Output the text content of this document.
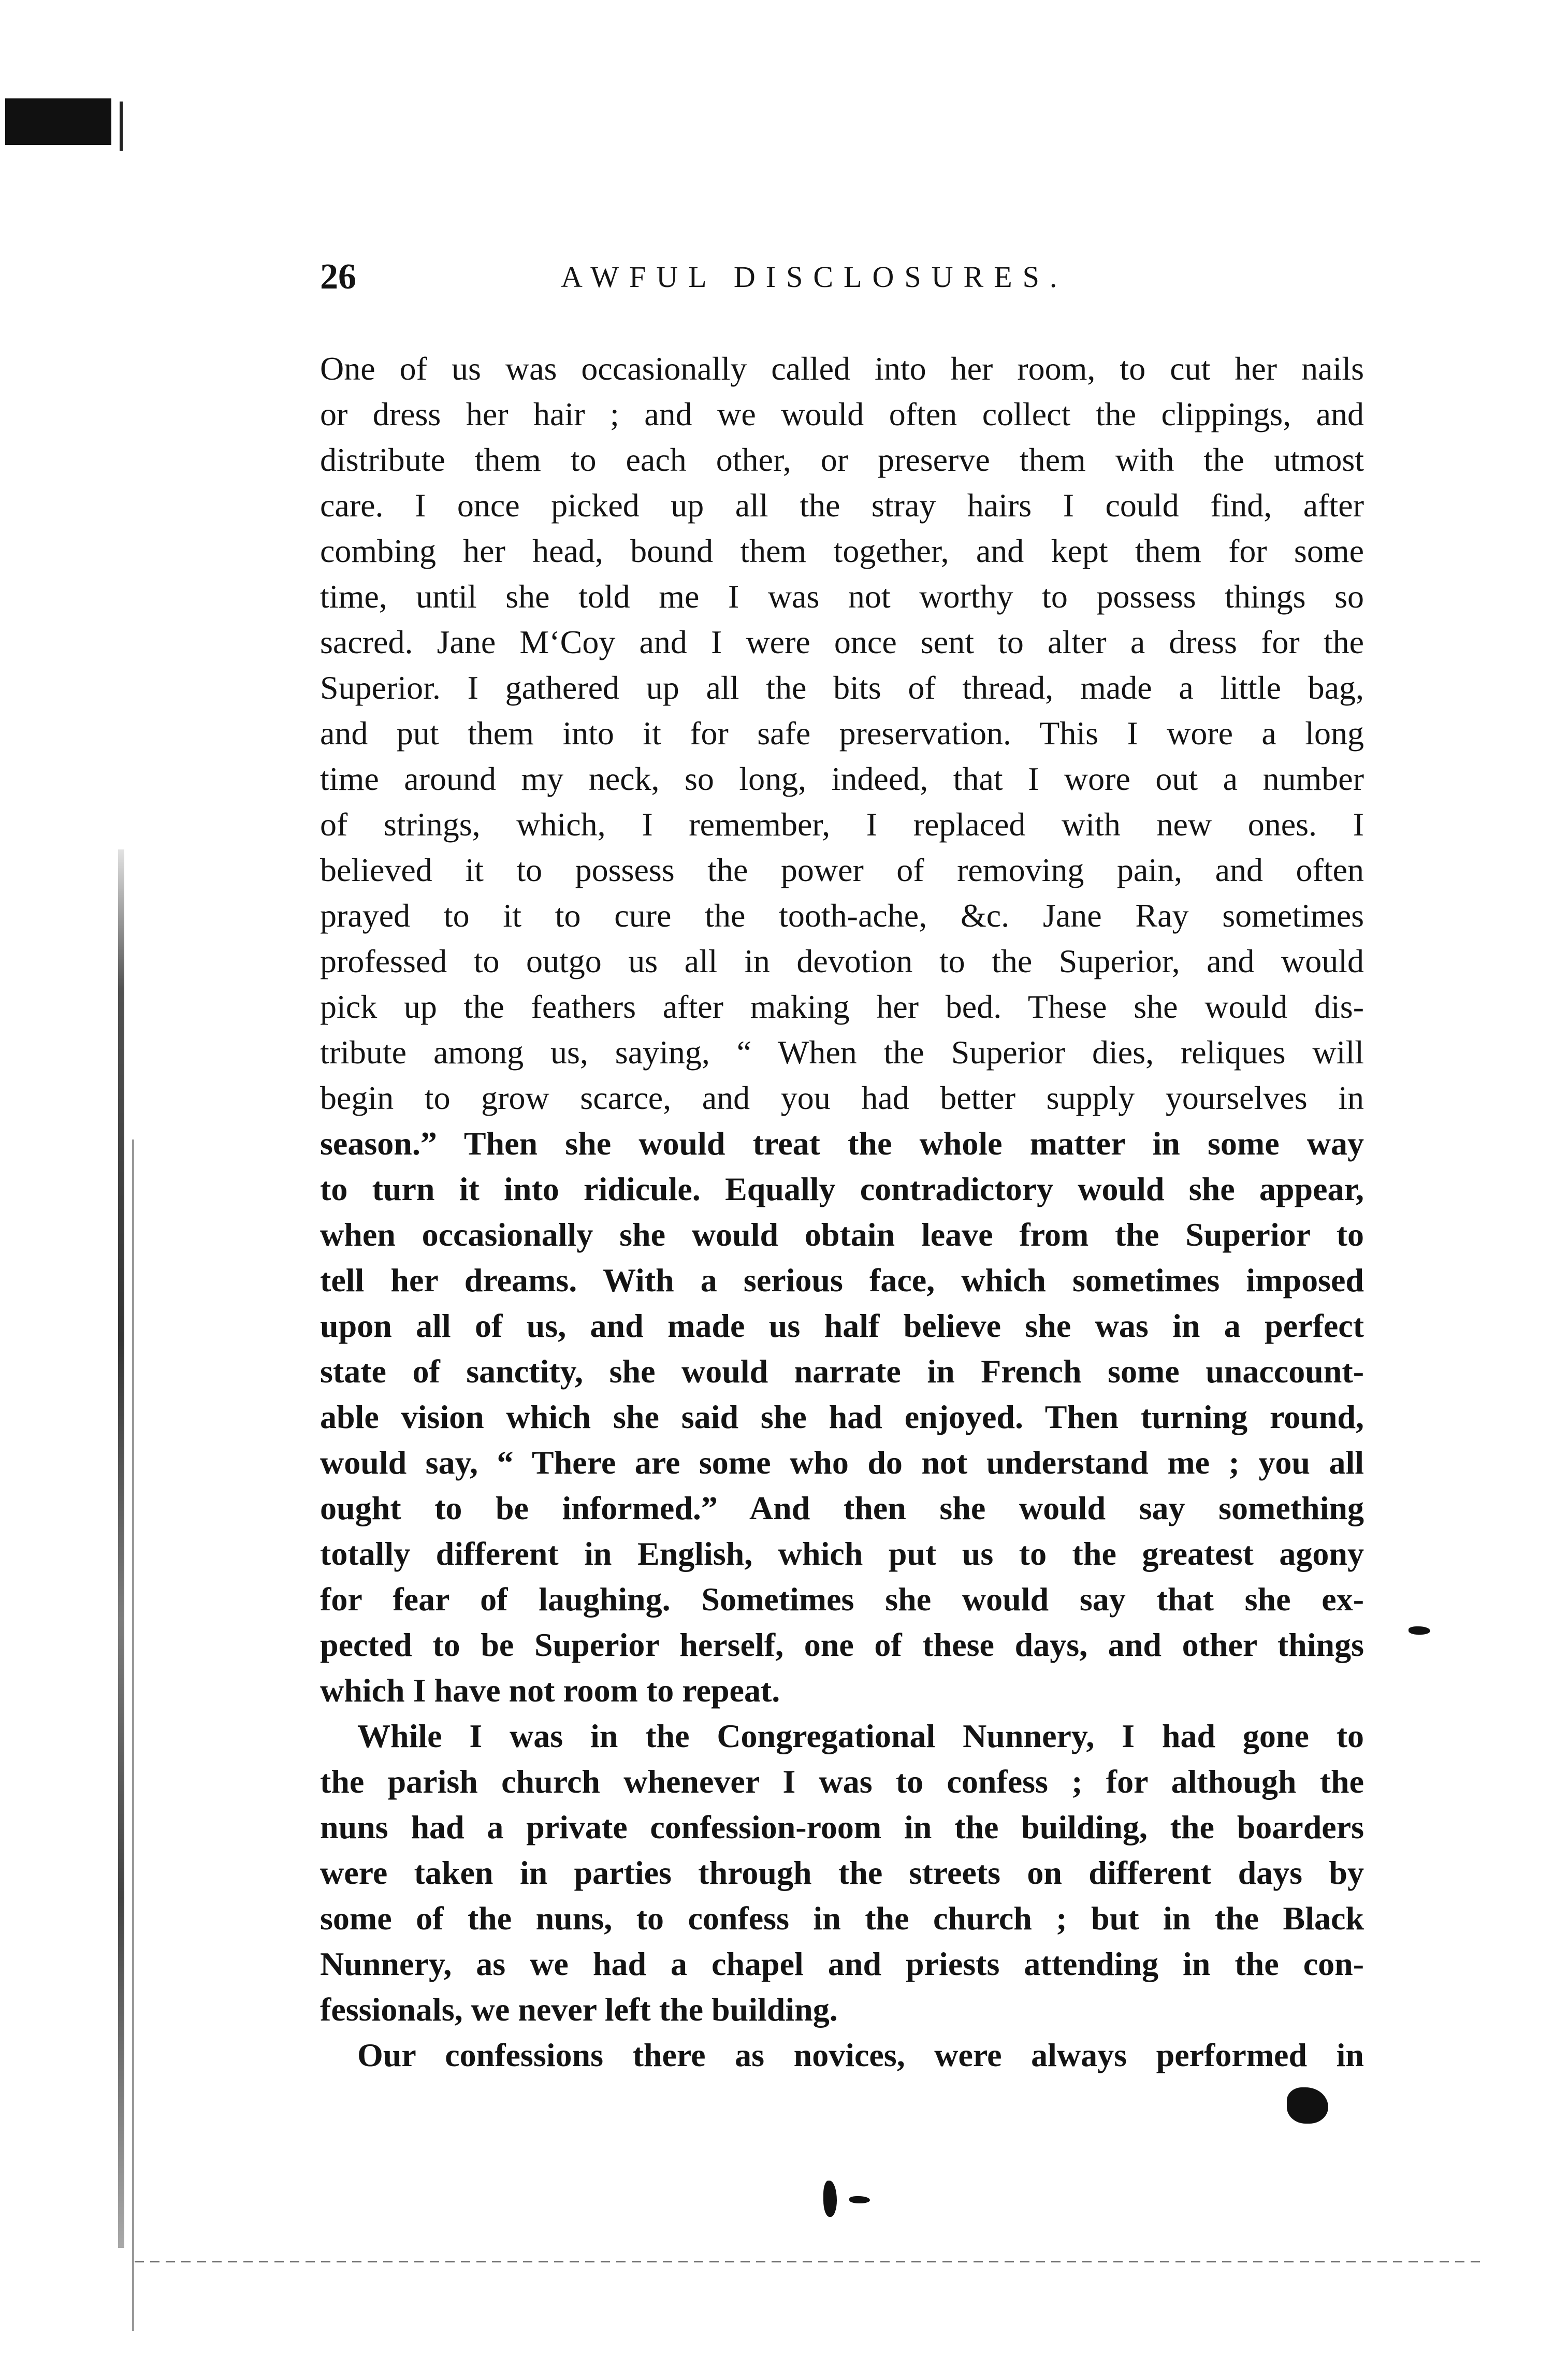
26	AWFUL DISCLOSURES.
One of us was occasionally called into her room, to cut her nails
or dress her hair ; and we would often collect the clippings, and
distribute them to each other, or preserve them with the utmost
care. I once picked up all the stray hairs I could find, after
combing her head, bound them together, and kept them for some
time, until she told me I was not worthy to possess things so
sacred. Jane M‘Coy and I were once sent to alter a dress for the
Superior. I gathered up all the bits of thread, made a little bag,
and put them into it for safe preservation. This I wore a long
time around my neck, so long, indeed, that I wore out a number
of strings, which, I remember, I replaced with new ones. I
believed it to possess the power of removing pain, and often
prayed to it to cure the tooth-ache, &c. Jane Ray sometimes
professed to outgo us all in devotion to the Superior, and would
pick up the feathers after making her bed. These she would dis-
tribute among us, saying, “ When the Superior dies, reliques will
begin to grow scarce, and you had better supply yourselves in
season.” Then she would treat the whole matter in some way
to turn it into ridicule. Equally contradictory would she appear,
when occasionally she would obtain leave from the Superior to
tell her dreams. With a serious face, which sometimes imposed
upon all of us, and made us half believe she was in a perfect
state of sanctity, she would narrate in French some unaccount-
able vision which she said she had enjoyed. Then turning round,
would say, “ There are some who do not understand me ; you all
ought to be informed.” And then she would say something
totally different in English, which put us to the greatest agony
for fear of laughing. Sometimes she would say that she ex-
pected to be Superior herself, one of these days, and other things
which I have not room to repeat.
While I was in the Congregational Nunnery, I had gone to
the parish church whenever I was to confess ; for although the
nuns had a private confession-room in the building, the boarders
were taken in parties through the streets on different days by
some of the nuns, to confess in the church ; but in the Black
Nunnery, as we had a chapel and priests attending in the con-
fessionals, we never left the building.
Our confessions there as novices, were always performed in
